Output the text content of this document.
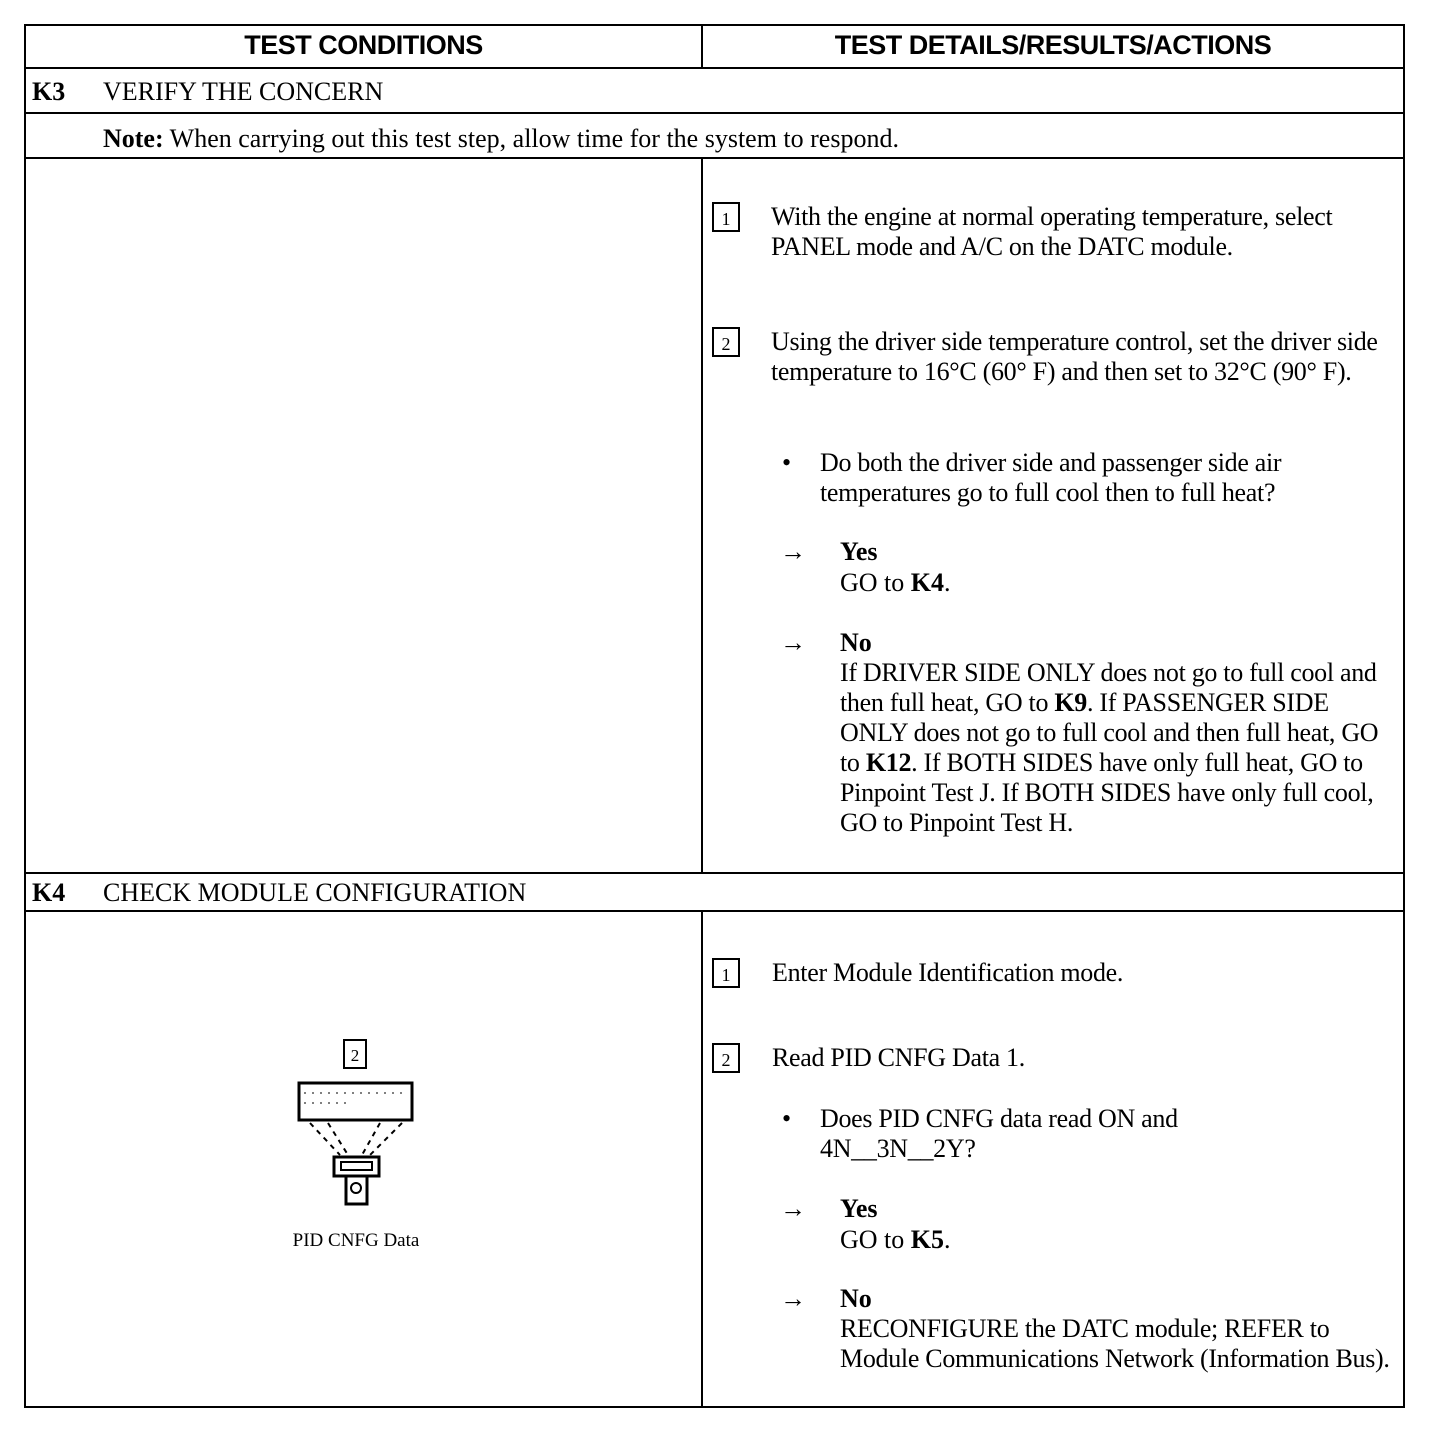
TEST CONDITIONS	TEST DETAILS/RESULTS/ACTIONS
K3 VERIFY THE CONCERN
Note: When carrying out this test step, allow time for the system to respond.
1	With the engine at normal operating temperature, select PANEL mode and A/C on the DATC module.
2	Using the driver side temperature control, set the driver side temperature to 16°C (60° F) and then set to 32°C (90° F).
• Do both the driver side and passenger side air temperatures go to full cool then to full heat?
→ Yes
GO to K4.
→ No
If DRIVER SIDE ONLY does not go to full cool and then full heat, GO to K9. If PASSENGER SIDE ONLY does not go to full cool and then full heat, GO to K12. If BOTH SIDES have only full heat, GO to Pinpoint Test J. If BOTH SIDES have only full cool, GO to Pinpoint Test H.
K4 CHECK MODULE CONFIGURATION
2
PID CNFG Data
1	Enter Module Identification mode.
2	Read PID CNFG Data 1.
• Does PID CNFG data read ON and 4N__3N__2Y?
→ Yes
GO to K5.
→ No
RECONFIGURE the DATC module; REFER to Module Communications Network (Information Bus).
